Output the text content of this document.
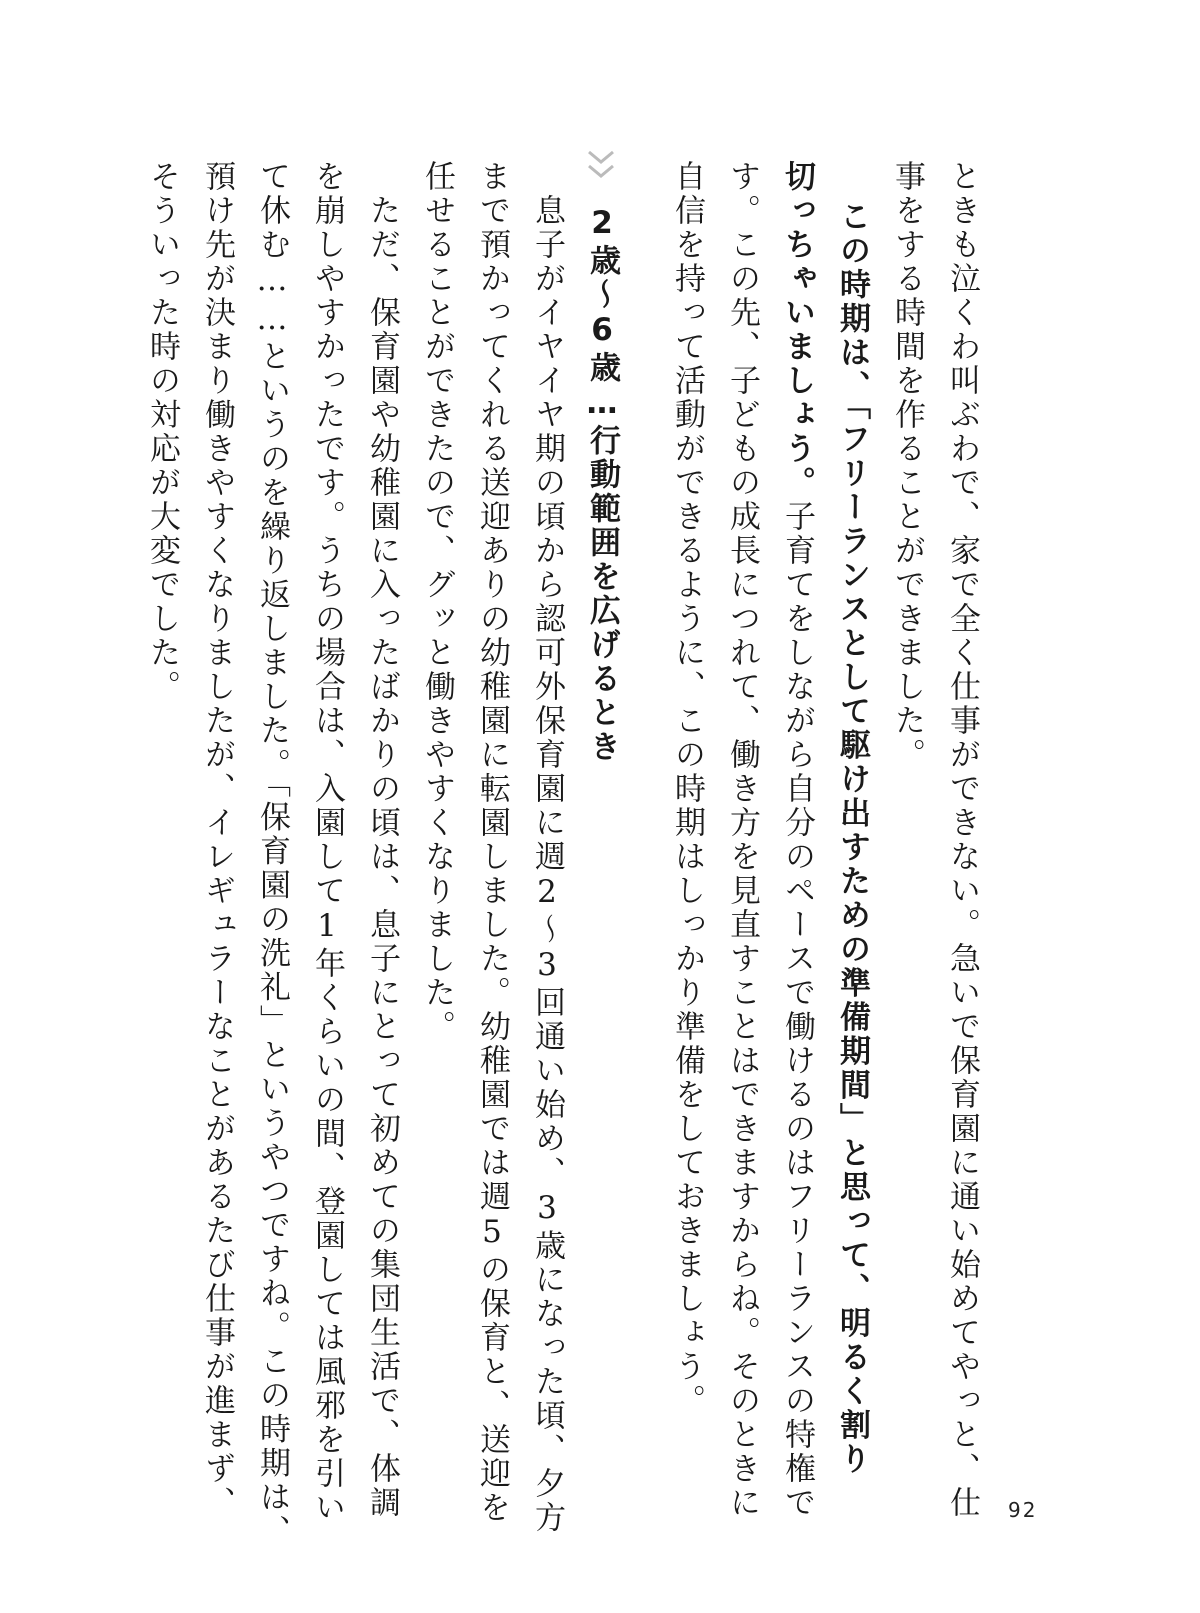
ときも泣くわ叫ぶわで、家で全く仕事ができない。急いで保育園に通い始めてやっと、仕
事をする時間を作ることができました。
この時期は、「フリーランスとして駆け出すための準備期間」と思って、明るく割り
切っちゃいましょう。子育てをしながら自分のペースで働けるのはフリーランスの特権で
す。この先、子どもの成長につれて、働き方を見直すことはできますからね。そのときに
自信を持って活動ができるように、この時期はしっかり準備をしておきましょう。
2歳〜6歳…行動範囲を広げるとき
息子がイヤイヤ期の頃から認可外保育園に週2〜3回通い始め、3歳になった頃、夕方
まで預かってくれる送迎ありの幼稚園に転園しました。幼稚園では週5の保育と、送迎を
任せることができたので、グッと働きやすくなりました。
ただ、保育園や幼稚園に入ったばかりの頃は、息子にとって初めての集団生活で、体調
を崩しやすかったです。うちの場合は、入園して1年くらいの間、登園しては風邪を引い
て休む……というのを繰り返しました。「保育園の洗礼」というやつですね。この時期は、
預け先が決まり働きやすくなりましたが、イレギュラーなことがあるたび仕事が進まず、
そういった時の対応が大変でした。
92
